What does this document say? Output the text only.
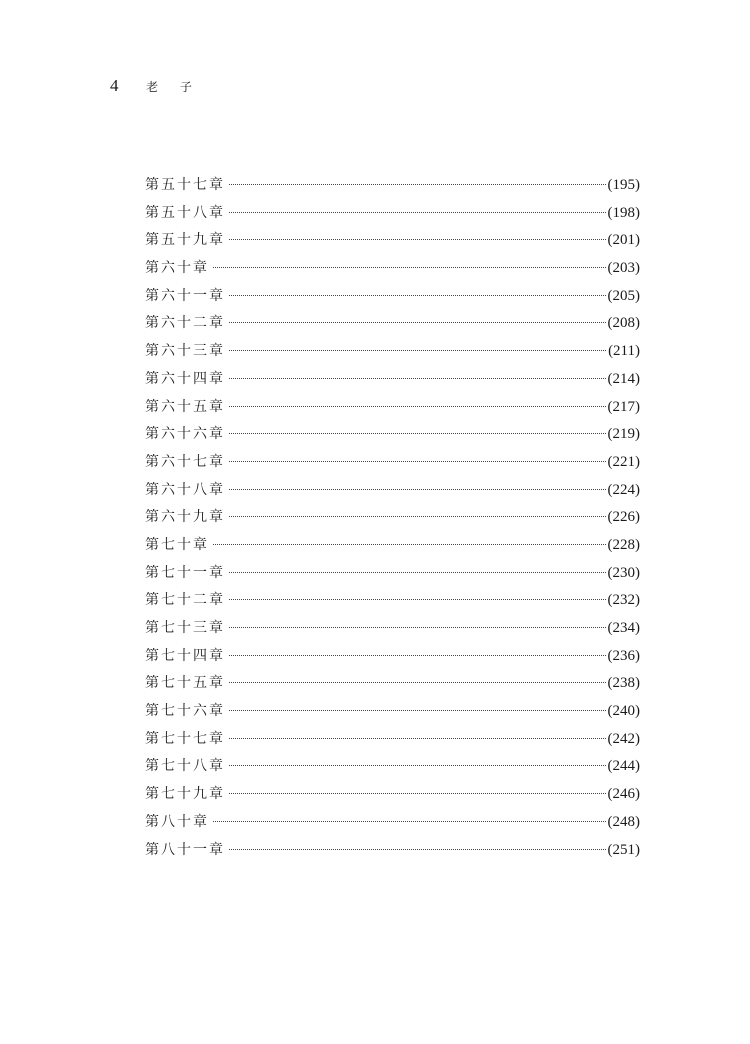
4	老 子
第五十七章	(195)
第五十八章	(198)
第五十九章	(201)
第六十章	(203)
第六十一章	(205)
第六十二章	(208)
第六十三章	(211)
第六十四章	(214)
第六十五章	(217)
第六十六章	(219)
第六十七章	(221)
第六十八章	(224)
第六十九章	(226)
第七十章	(228)
第七十一章	(230)
第七十二章	(232)
第七十三章	(234)
第七十四章	(236)
第七十五章	(238)
第七十六章	(240)
第七十七章	(242)
第七十八章	(244)
第七十九章	(246)
第八十章	(248)
第八十一章	(251)
